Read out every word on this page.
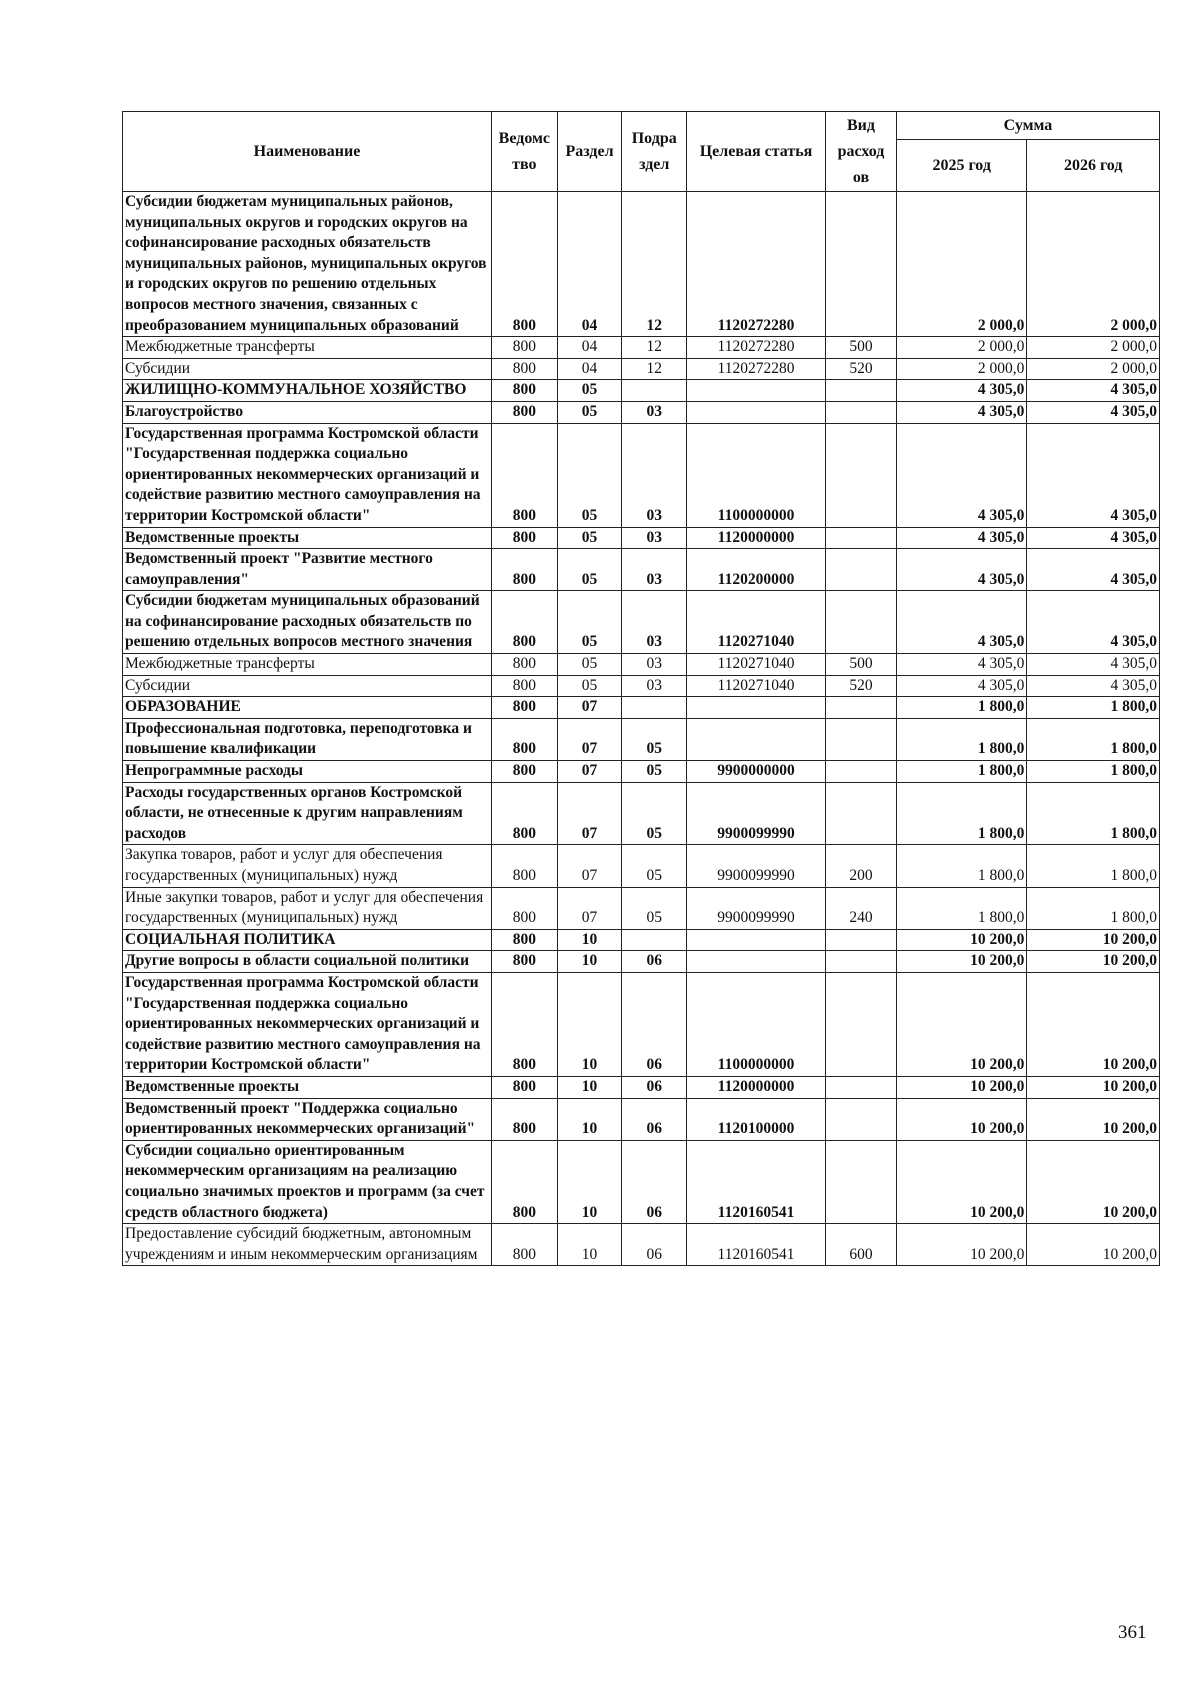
Наименование	Ведомс тво	Раздел	Подра здел	Целевая статья	Вид расход ов	Сумма	
						2025 год	2026 год
Субсидии бюджетам муниципальных районов, муниципальных округов и городских округов на софинансирование расходных обязательств муниципальных районов, муниципальных округов и городских округов по решению отдельных вопросов местного значения, связанных с преобразованием муниципальных образований	800	04	12	1120272280		2 000,0	2 000,0
Межбюджетные трансферты	800	04	12	1120272280	500	2 000,0	2 000,0
Субсидии	800	04	12	1120272280	520	2 000,0	2 000,0
ЖИЛИЩНО-КОММУНАЛЬНОЕ ХОЗЯЙСТВО	800	05				4 305,0	4 305,0
Благоустройство	800	05	03			4 305,0	4 305,0
Государственная программа Костромской области "Государственная поддержка социально ориентированных некоммерческих организаций и содействие развитию местного самоуправления на территории Костромской области"	800	05	03	1100000000		4 305,0	4 305,0
Ведомственные проекты	800	05	03	1120000000		4 305,0	4 305,0
Ведомственный проект "Развитие местного самоуправления"	800	05	03	1120200000		4 305,0	4 305,0
Субсидии бюджетам муниципальных образований на софинансирование расходных обязательств по решению отдельных вопросов местного значения	800	05	03	1120271040		4 305,0	4 305,0
Межбюджетные трансферты	800	05	03	1120271040	500	4 305,0	4 305,0
Субсидии	800	05	03	1120271040	520	4 305,0	4 305,0
ОБРАЗОВАНИЕ	800	07				1 800,0	1 800,0
Профессиональная подготовка, переподготовка и повышение квалификации	800	07	05			1 800,0	1 800,0
Непрограммные расходы	800	07	05	9900000000		1 800,0	1 800,0
Расходы государственных органов Костромской области, не отнесенные к другим направлениям расходов	800	07	05	9900099990		1 800,0	1 800,0
Закупка товаров, работ и услуг для обеспечения государственных (муниципальных) нужд	800	07	05	9900099990	200	1 800,0	1 800,0
Иные закупки товаров, работ и услуг для обеспечения государственных (муниципальных) нужд	800	07	05	9900099990	240	1 800,0	1 800,0
СОЦИАЛЬНАЯ ПОЛИТИКА	800	10				10 200,0	10 200,0
Другие вопросы в области социальной политики	800	10	06			10 200,0	10 200,0
Государственная программа Костромской области "Государственная поддержка социально ориентированных некоммерческих организаций и содействие развитию местного самоуправления на территории Костромской области"	800	10	06	1100000000		10 200,0	10 200,0
Ведомственные проекты	800	10	06	1120000000		10 200,0	10 200,0
Ведомственный проект "Поддержка социально ориентированных некоммерческих организаций"	800	10	06	1120100000		10 200,0	10 200,0
Субсидии социально ориентированным некоммерческим организациям на реализацию социально значимых проектов и программ (за счет средств областного бюджета)	800	10	06	1120160541		10 200,0	10 200,0
Предоставление субсидий бюджетным, автономным учреждениям и иным некоммерческим организациям	800	10	06	1120160541	600	10 200,0	10 200,0
361
